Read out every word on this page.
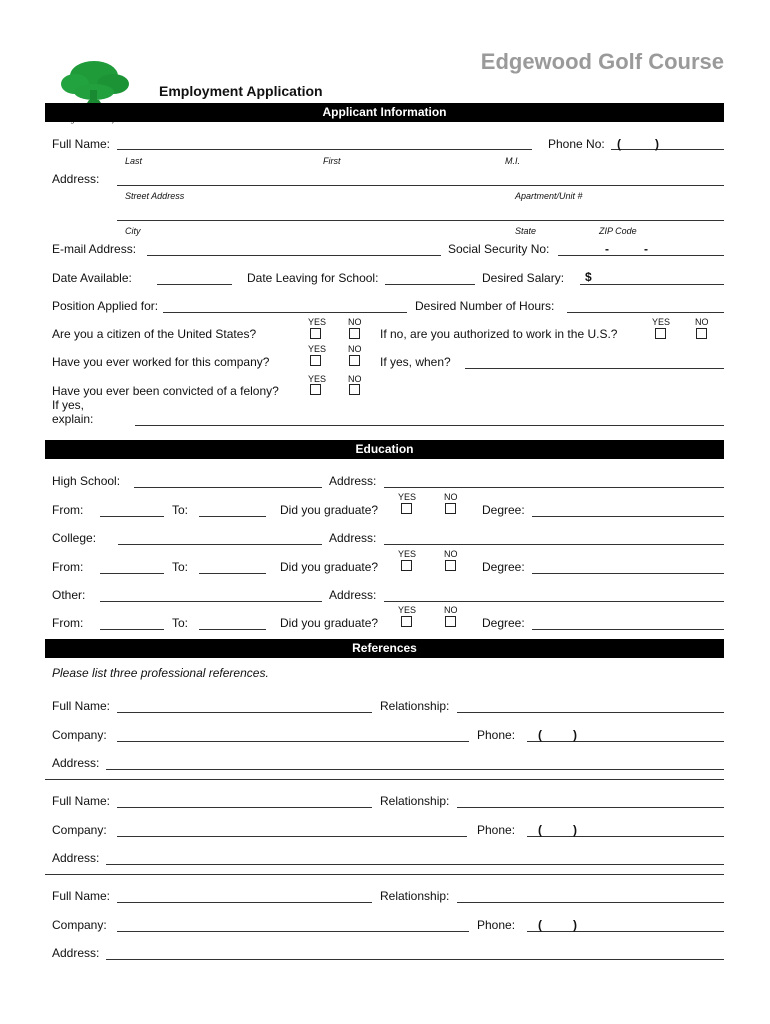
Edgewood Golf Course
Employment Application
Applicant Information
Full Name:	Phone No: (	)
Last	First	M.I.
Address:
Street Address	Apartment/Unit #
City	State	ZIP Code
E-mail Address:	Social Security No:	-	-
Date Available:	Date Leaving for School:	Desired Salary: $
Position Applied for:	Desired Number of Hours:
YES NO
Are you a citizen of the United States?	If no, are you authorized to work in the U.S.?
YES	NO
YES NO
Have you ever worked for this company?	If yes, when?
YES NO
Have you ever been convicted of a felony?
If yes,
explain:
Education
High School:	Address:
YES	NO
From:	To:	Did you graduate?	Degree:
College:	Address:
YES	NO
From:	To:	Did you graduate?	Degree:
Other:	Address:
YES	NO
From:	To:	Did you graduate?	Degree:
References
Please list three professional references.
Full Name:	Relationship:
Company:	Phone: (	)
Address:
Full Name:	Relationship:
Company:	Phone: (	)
Address:
Full Name:	Relationship:
Company:	Phone: (	)
Address:
